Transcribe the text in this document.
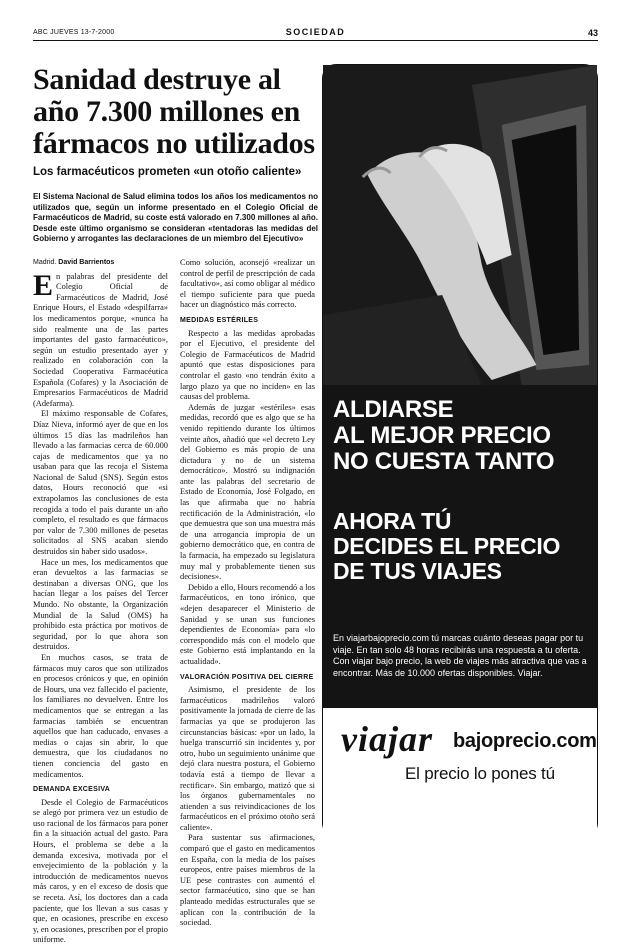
ABC JUEVES 13-7-2000	SOCIEDAD	43
Sanidad destruye al año 7.300 millones en fármacos no utilizados
Los farmacéuticos prometen «un otoño caliente»
El Sistema Nacional de Salud elimina todos los años los medicamentos no utilizados que, según un informe presentado en el Colegio Oficial de Farmacéuticos de Madrid, su coste está valorado en 7.300 millones al año. Desde este último organismo se consideran «tentadoras las medidas del Gobierno y arrogantes las declaraciones de un miembro del Ejecutivo»
Madrid. David Barrientos

En palabras del presidente del Colegio Oficial de Farmacéuticos de Madrid, José Enrique Hours, el Estado «despilfarra» los medicamentos porque, «nunca ha sido realmente una de las partes importantes del gasto farmacéutico», según un estudio presentado ayer y realizado en colaboración con la Sociedad Cooperativa Farmacéutica Española (Cofares) y la Asociación de Empresarios Farmacéuticos de Madrid (Adefarma).

El máximo responsable de Cofares, Díaz Nieva, informó ayer de que en los últimos 15 días las madrileños han llevado a las farmacias cerca de 60.000 cajas de medicamentos que ya no usaban para que las recoja el Sistema Nacional de Salud (SNS). Según estos datos, Hours reconoció que «si extrapolamos las conclusiones de esta recogida a todo el país durante un año completo, el resultado es que fármacos por valor de 7.300 millones de pesetas solicitados al SNS acaban siendo destruidos sin haber sido usados».

Hace un mes, los medicamentos que eran devueltos a las farmacias se destinaban a diversas ONG, que los hacían llegar a los países del Tercer Mundo. No obstante, la Organización Mundial de la Salud (OMS) ha prohibido esta práctica por motivos de seguridad, por lo que ahora son destruidos.

En muchos casos, se trata de fármacos muy caros que son utilizados en procesos crónicos y que, en opinión de Hours, una vez fallecido el paciente, los familiares no devuelven. Entre los medicamentos que se entregan a las farmacias también se encuentran aquellos que han caducado, envases a medias o cajas sin abrir, lo que demuestra, que los ciudadanos no tienen conciencia del gasto en medicamentos.

DEMANDA EXCESIVA

Desde el Colegio de Farmacéuticos se alegó por primera vez un estudio de uso racional de los fármacos para poner fin a la situación actual del gasto. Para Hours, el problema se debe a la demanda excesiva, motivada por el envejecimiento de la población y la introducción de medicamentos nuevos más caros, y en el exceso de dosis que se receta. Así, los doctores dan a cada paciente, que los llevan a sus casas y que, en ocasiones, prescribe en exceso y, en ocasiones, prescriben por el propio uniforme.

Como solución, aconsejó «realizar un control de perfil de prescripción de cada facultativo», así como obligar al médico el tiempo suficiente para que pueda hacer un diagnóstico más correcto.

MEDIDAS ESTÉRILES

Respecto a las medidas aprobadas por el Ejecutivo, el presidente del Colegio de Farmacéuticos de Madrid apuntó que estas disposiciones para controlar el gasto «no tendrán éxito a largo plazo ya que no inciden» en las causas del problema.

Además de juzgar «estériles» esas medidas, recordó que es algo que se ha venido repitiendo durante los últimos veinte años, añadió que «el decreto Ley del Gobierno es más propio de una dictadura y no de un sistema democrático». Mostró su indignación ante las palabras del secretario de Estado de Economía, José Folgado, en las que afirmaba que no habría rectificación de la Administración, «lo que demuestra que son una muestra más de una arrogancia impropia de un gobierno democrático que, en contra de la farmacia, ha empezado su legislatura muy mal y probablemente tienen sus decisiones».

Debido a ello, Hours recomendó a los farmacéuticos, en tono irónico, que «dejen desaparecer el Ministerio de Sanidad y se unan sus funciones dependientes de Economía» para «lo correspondido más con el modelo que este Gobierno está implantando en la actualidad».

VALORACIÓN POSITIVA DEL CIERRE

Asimismo, el presidente de los farmacéuticos madrileños valoró positivamente la jornada de cierre de las farmacias ya que se produjeron las circunstancias básicas: «por un lado, la huelga transcurrió sin incidentes y, por otro, hubo un seguimiento unánime que dejó clara nuestra postura, el Gobierno todavía está a tiempo de llevar a rectificar». Sin embargo, matizó que si los órganos gubernamentales no atienden a sus reivindicaciones de los farmacéuticos en el próximo otoño será caliente».

Para sustentar sus afirmaciones, comparó que el gasto en medicamentos en España, con la media de los países europeos, entre países miembros de la UE pese contrastes con aumentó el sector farmacéutico, sino que se han planteado medidas estructurales que se aplican con la contribución de la sociedad.

ALDIARSE
AL MEJOR PRECIO
NO CUESTA TANTO
AHORA TÚ
DECIDES EL PRECIO
DE TUS VIAJES
En viajarbajoprecio.com tú marcas cuánto deseas pagar por tu viaje. En tan solo 48 horas recibirás una respuesta a tu oferta. Con viajar bajo precio, la web de viajes más atractiva que vas a encontrar. Más de 10.000 ofertas disponibles. Viajar.
viajar bajoprecio.com
El precio lo pones tú
